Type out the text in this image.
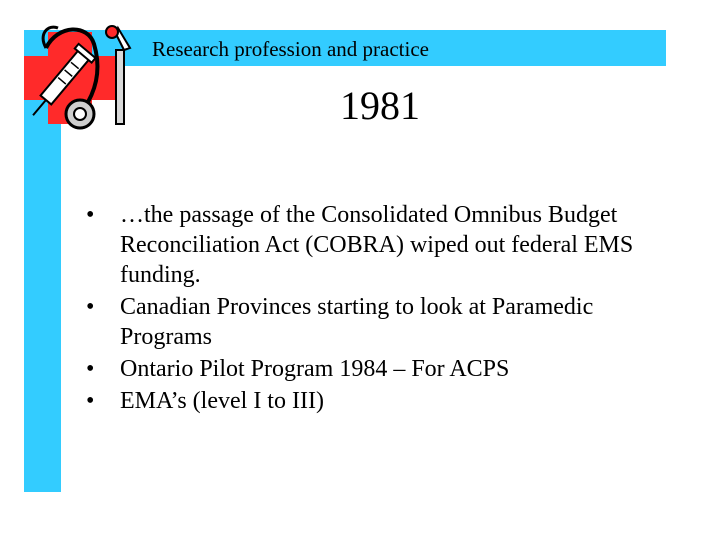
Research profession and practice
1981
• …the passage of the Consolidated Omnibus Budget Reconciliation Act (COBRA) wiped out federal EMS funding.
• Canadian Provinces starting to look at Paramedic Programs
• Ontario Pilot Program 1984 – For ACPS
• EMA’s (level I to III)
